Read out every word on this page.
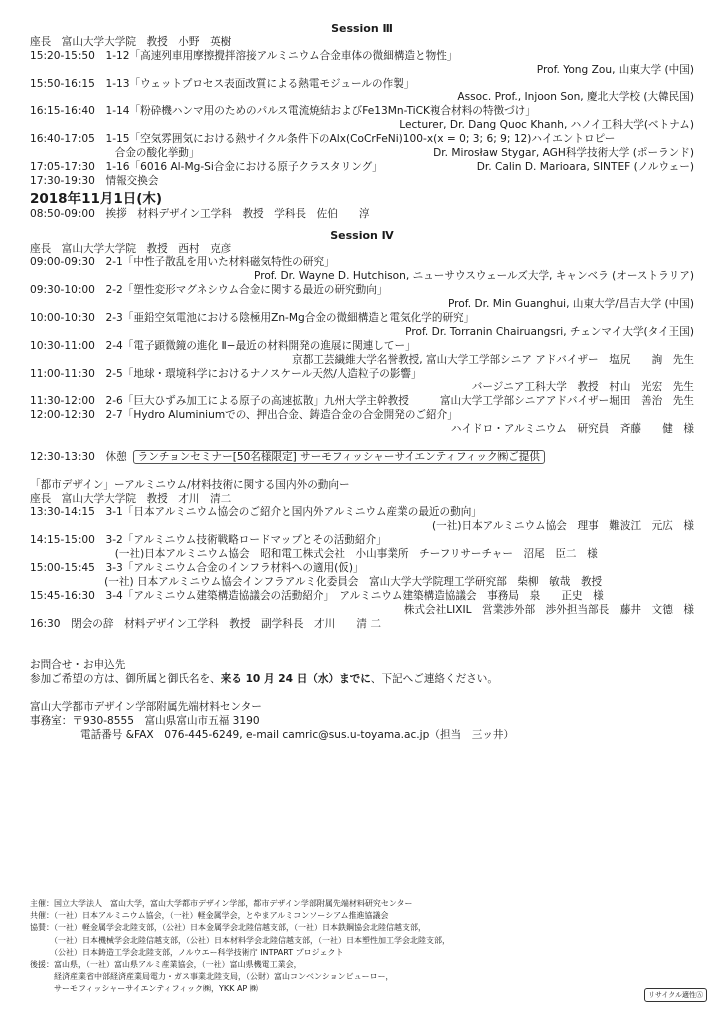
Session Ⅲ
座長　富山大学大学院　教授　小野　英樹
15:20-15:50　1-12「高速列車用摩擦攪拌溶接アルミニウム合金車体の微細構造と物性」
Prof. Yong Zou, 山東大学 (中国)
15:50-16:15　1-13「ウェットプロセス表面改質による熱電モジュールの作製」
Assoc. Prof., Injoon Son, 慶北大学校 (大韓民国)
16:15-16:40　1-14「粉砕機ハンマ用のためのパルス電流焼結およびFe13Mn-TiCK複合材料の特徴づけ」
Lecturer, Dr. Dang Quoc Khanh, ハノイ工科大学(ベトナム)
16:40-17:05　1-15「空気雰囲気における熱サイクル条件下のAlx(CoCrFeNi)100-x(x = 0; 3; 6; 9; 12)ハイエントロピー
　　　　　　　　合金の酸化挙動」	Dr. Mirosław Stygar, AGH科学技術大学 (ポーランド)
17:05-17:30　1-16「6016 Al-Mg-Si合金における原子クラスタリング」	Dr. Calin D. Marioara, SINTEF (ノルウェー)
17:30-19:30　情報交換会
2018年11月1日(木)
08:50-09:00　挨拶　材料デザイン工学科　教授　学科長　佐伯　　淳
Session Ⅳ
座長　富山大学大学院　教授　西村　克彦
09:00-09:30　2-1「中性子散乱を用いた材料磁気特性の研究」
Prof. Dr. Wayne D. Hutchison, ニューサウスウェールズ大学, キャンベラ (オーストラリア)
09:30-10:00　2-2「塑性変形マグネシウム合金に関する最近の研究動向」
Prof. Dr. Min Guanghui, 山東大学/昌吉大学 (中国)
10:00-10:30　2-3「亜鉛空気電池における陰極用Zn-Mg合金の微細構造と電気化学的研究」
Prof. Dr. Torranin Chairuangsri, チェンマイ大学(タイ王国)
10:30-11:00　2-4「電子顕微鏡の進化 Ⅱ−最近の材料開発の進展に関連してー」
京都工芸繊維大学名誉教授, 富山大学工学部シニア アドバイザー　塩尻　　詢　先生
11:00-11:30　2-5「地球・環境科学におけるナノスケール天然/人造粒子の影響」
バージニア工科大学　教授　村山　光宏　先生
11:30-12:00　2-6「巨大ひずみ加工による原子の高速拡散」九州大学主幹教授	富山大学工学部シニアアドバイザー堀田　善治　先生
12:00-12:30　2-7「Hydro Aluminiumでの、押出合金、鋳造合金の合金開発のご紹介」
ハイドロ・アルミニウム　研究員　斉藤　　健　様
12:30-13:30　休憩 ランチョンセミナー[50名様限定] サーモフィッシャーサイエンティフィック㈱ご提供
「都市デザイン」ーアルミニウム/材料技術に関する国内外の動向ー
座長　富山大学大学院　教授　才川　清二
13:30-14:15　3-1「日本アルミニウム協会のご紹介と国内外アルミニウム産業の最近の動向」
(一社)日本アルミニウム協会　理事　難波江　元広　様
14:15-15:00　3-2「アルミニウム技術戦略ロードマップとその活動紹介」
　　　　　　　　(一社)日本アルミニウム協会　昭和電工株式会社　小山事業所　チーフリサーチャー　沼尾　臣二　様
15:00-15:45　3-3「アルミニウム合金のインフラ材料への適用(仮)」
　　　　　　　(一社) 日本アルミニウム協会インフラアルミ化委員会　富山大学大学院理工学研究部　柴柳　敏哉　教授
15:45-16:30　3-4「アルミニウム建築構造協議会の活動紹介」　アルミニウム建築構造協議会　事務局　泉　　正史　様
株式会社LIXIL　営業渉外部　渉外担当部長　藤井　文德　様
16:30　閉会の辞　材料デザイン工学科　教授　副学科長　才川　　清 二
お問合せ・お申込先
参加ご希望の方は、御所属と御氏名を、来る 10 月 24 日（水）までに、下記へご連絡ください。
富山大学都市デザイン学部附属先端材料センター
事務室：〒930-8555　富山県富山市五福 3190
電話番号 &FAX　076-445-6249, e-mail camric@sus.u-toyama.ac.jp（担当　三ッ井）
主催：国立大学法人　富山大学，富山大学都市デザイン学部，都市デザイン学部附属先端材料研究センター
共催：（一社）日本アルミニウム協会，（一社）軽金属学会，とやまアルミコンソーシアム推進協議会
協賛：（一社）軽金属学会北陸支部，（公社）日本金属学会北陸信越支部，（一社）日本鉄鋼協会北陸信越支部，
　　　（一社）日本機械学会北陸信越支部，（公社）日本材料学会北陸信越支部，（一社）日本塑性加工学会北陸支部，
　　　（公社）日本鋳造工学会北陸支部，ノルウエー科学技術庁 INTPART プロジェクト
後援：富山県，（一社）富山県アルミ産業協会，（一社）富山県機電工業会，
　　　経済産業省中部経済産業局電力・ガス事業北陸支局，（公財）富山コンベンションビューロー，
　　　サーモフィッシャーサイエンティフィック㈱，YKK AP ㈱
リサイクル適性Ⓐ
